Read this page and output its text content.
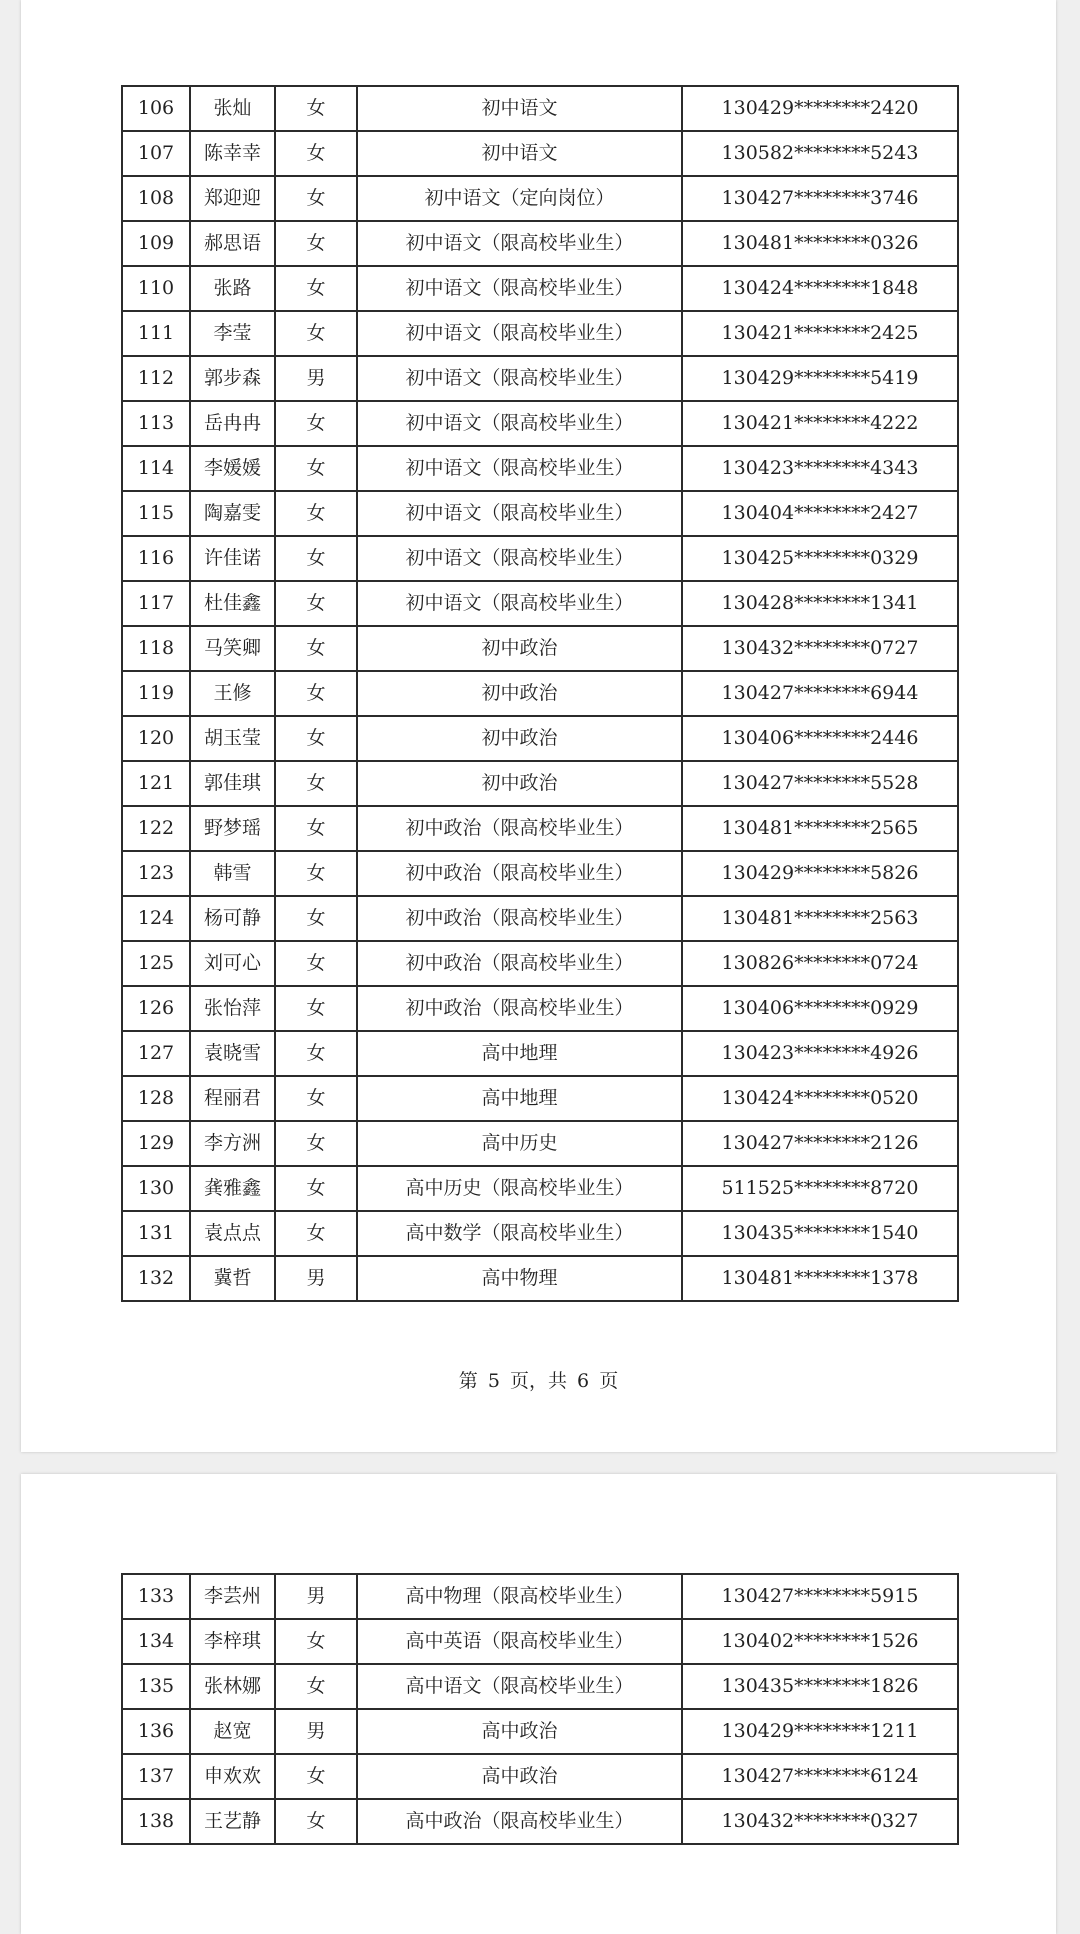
106	张灿	女	初中语文	130429********2420
107	陈幸幸	女	初中语文	130582********5243
108	郑迎迎	女	初中语文（定向岗位）	130427********3746
109	郝思语	女	初中语文（限高校毕业生）	130481********0326
110	张路	女	初中语文（限高校毕业生）	130424********1848
111	李莹	女	初中语文（限高校毕业生）	130421********2425
112	郭步森	男	初中语文（限高校毕业生）	130429********5419
113	岳冉冉	女	初中语文（限高校毕业生）	130421********4222
114	李媛媛	女	初中语文（限高校毕业生）	130423********4343
115	陶嘉雯	女	初中语文（限高校毕业生）	130404********2427
116	许佳诺	女	初中语文（限高校毕业生）	130425********0329
117	杜佳鑫	女	初中语文（限高校毕业生）	130428********1341
118	马笑卿	女	初中政治	130432********0727
119	王修	女	初中政治	130427********6944
120	胡玉莹	女	初中政治	130406********2446
121	郭佳琪	女	初中政治	130427********5528
122	野梦瑶	女	初中政治（限高校毕业生）	130481********2565
123	韩雪	女	初中政治（限高校毕业生）	130429********5826
124	杨可静	女	初中政治（限高校毕业生）	130481********2563
125	刘可心	女	初中政治（限高校毕业生）	130826********0724
126	张怡萍	女	初中政治（限高校毕业生）	130406********0929
127	袁晓雪	女	高中地理	130423********4926
128	程丽君	女	高中地理	130424********0520
129	李方洲	女	高中历史	130427********2126
130	龚雅鑫	女	高中历史（限高校毕业生）	511525********8720
131	袁点点	女	高中数学（限高校毕业生）	130435********1540
132	冀哲	男	高中物理	130481********1378
第 5 页，共 6 页
133	李芸州	男	高中物理（限高校毕业生）	130427********5915
134	李梓琪	女	高中英语（限高校毕业生）	130402********1526
135	张林娜	女	高中语文（限高校毕业生）	130435********1826
136	赵宽	男	高中政治	130429********1211
137	申欢欢	女	高中政治	130427********6124
138	王艺静	女	高中政治（限高校毕业生）	130432********0327
